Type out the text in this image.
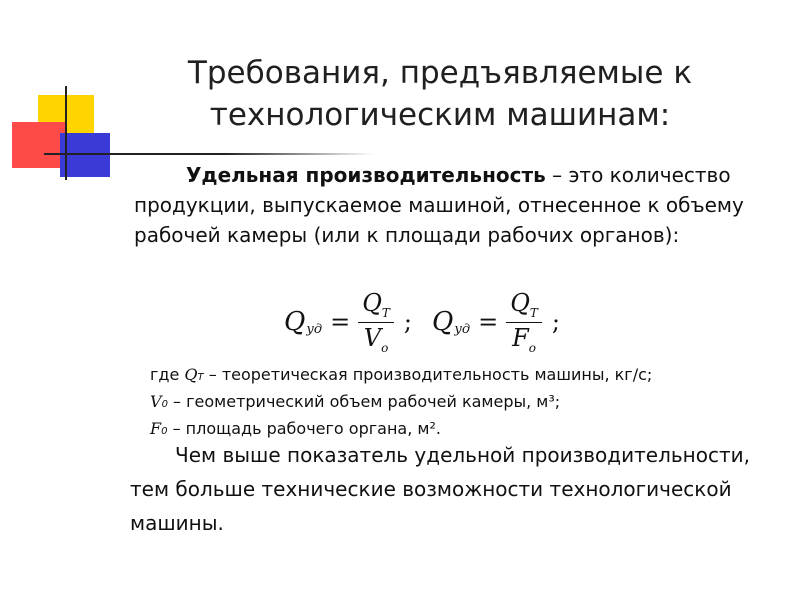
Требования, предъявляемые к технологическим машинам:
Удельная производительность – это количество продукции, выпускаемое машиной, отнесенное к объему рабочей камеры (или к площади рабочих органов):
Q уд = $\frac{Q_T}{V_o}$ ; Q уд = $\frac{Q_T}{F_o}$ ;
где QT – теоретическая производительность машины, кг/с;
V0 – геометрический объем рабочей камеры, м³;
F0 – площадь рабочего органа, м².
Чем выше показатель удельной производительности, тем больше технические возможности технологической машины.
